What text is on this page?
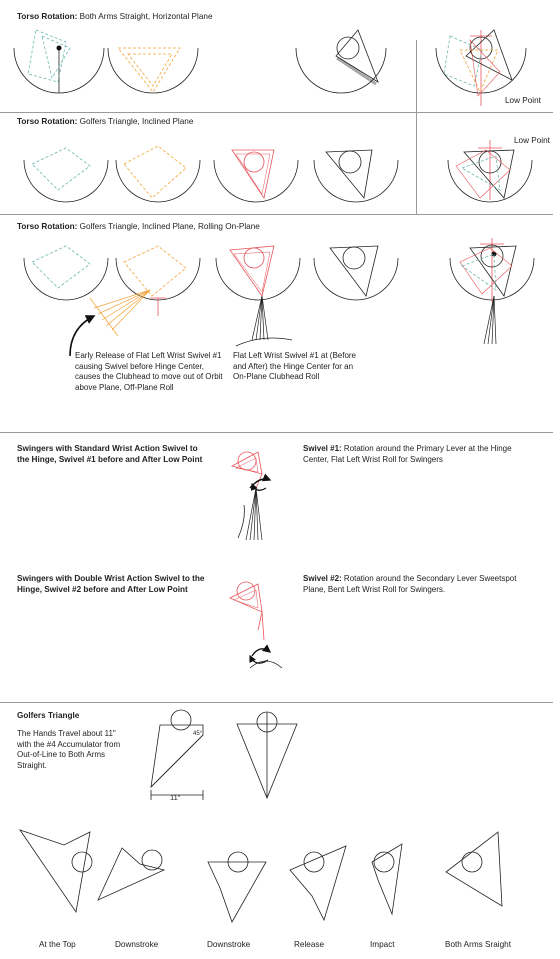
Torso Rotation: Both Arms Straight, Horizontal Plane
Torso Rotation: Golfers Triangle, Inclined Plane
Torso Rotation: Golfers Triangle, Inclined Plane, Rolling On-Plane
Low Point
Low Point
Early Release of Flat Left Wrist Swivel #1 causing Swivel before Hinge Center, causes the Clubhead to move out of Orbit above Plane, Off-Plane Roll
Flat Left Wrist Swivel #1 at (Before and After) the Hinge Center for an On-Plane Clubhead Roll
Swingers with Standard Wrist Action Swivel to the Hinge, Swivel #1 before and After Low Point
Swivel #1: Rotation around the Primary Lever at the Hinge Center, Flat Left Wrist Roll for Swingers
Swingers with Double Wrist Action Swivel to the Hinge, Swivel #2 before and After Low Point
Swivel #2: Rotation around the Secondary Lever Sweetspot Plane, Bent Left Wrist Roll for Swingers.
Golfers Triangle
The Hands Travel about 11" with the #4 Accumulator from Out-of-Line to Both Arms Straight.
At the Top	Downstroke	Downstroke	Release	Impact	Both Arms Sraight
45°
11"
